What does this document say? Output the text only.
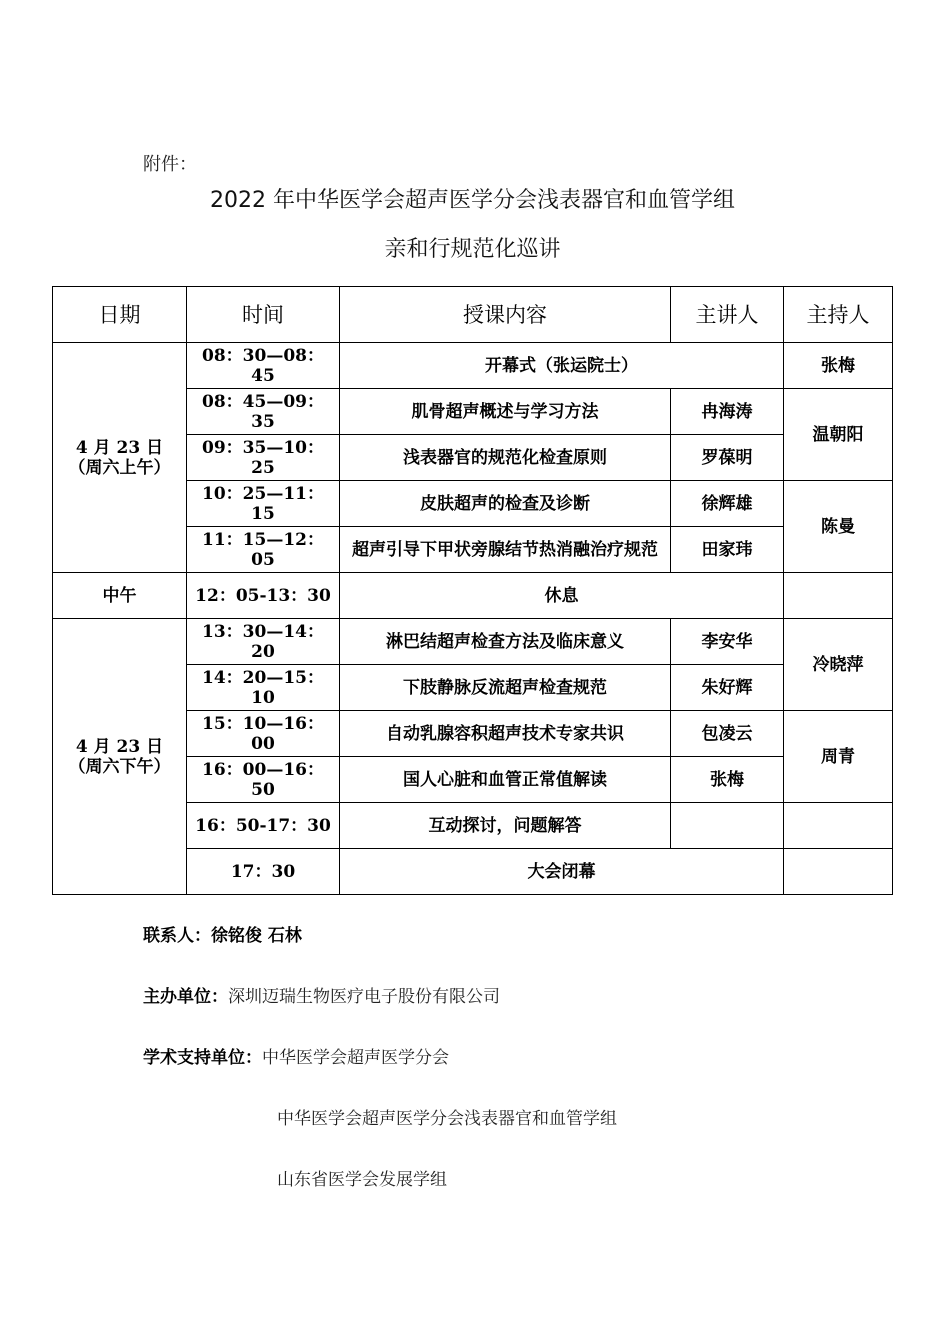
附件：
2022 年中华医学会超声医学分会浅表器官和血管学组
亲和行规范化巡讲
日期	时间	授课内容	主讲人	主持人

4 月 23 日
（周六上午）	08：30—08：45	开幕式（张运院士）		张梅
	08：45—09：35	肌骨超声概述与学习方法	冉海涛	温朝阳
	09：35—10：25	浅表器官的规范化检查原则	罗葆明	
	10：25—11：15	皮肤超声的检查及诊断	徐辉雄	陈曼
	11：15—12：05	超声引导下甲状旁腺结节热消融治疗规范	田家玮	
中午	12：05-13：30	休息		

4 月 23 日
（周六下午）	13：30—14：20	淋巴结超声检查方法及临床意义	李安华	冷晓萍
	14：20—15：10	下肢静脉反流超声检查规范	朱好辉	
	15：10—16：00	自动乳腺容积超声技术专家共识	包凌云	周青
	16：00—16：50	国人心脏和血管正常值解读	张梅	
	16：50-17：30	互动探讨，问题解答		
	17：30	大会闭幕		
联系人：徐铭俊 石林
主办单位：深圳迈瑞生物医疗电子股份有限公司
学术支持单位：中华医学会超声医学分会
中华医学会超声医学分会浅表器官和血管学组
山东省医学会发展学组
